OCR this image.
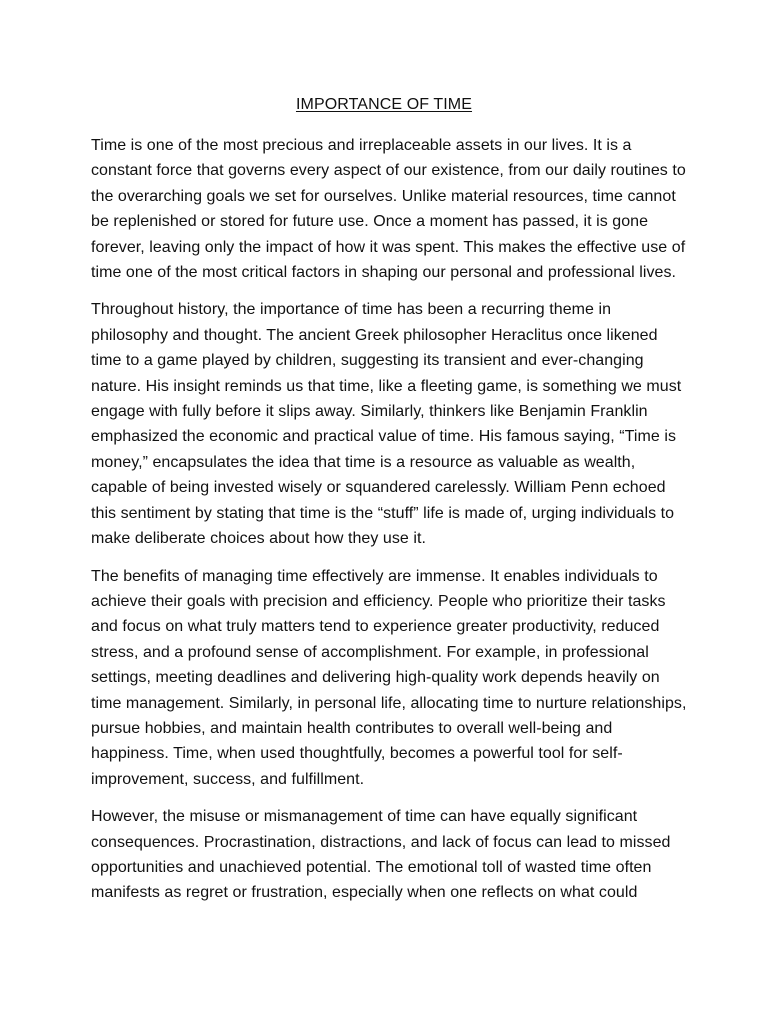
IMPORTANCE OF TIME

Time is one of the most precious and irreplaceable assets in our lives. It is a constant force that governs every aspect of our existence, from our daily routines to the overarching goals we set for ourselves. Unlike material resources, time cannot be replenished or stored for future use. Once a moment has passed, it is gone forever, leaving only the impact of how it was spent. This makes the effective use of time one of the most critical factors in shaping our personal and professional lives.

Throughout history, the importance of time has been a recurring theme in philosophy and thought. The ancient Greek philosopher Heraclitus once likened time to a game played by children, suggesting its transient and ever-changing nature. His insight reminds us that time, like a fleeting game, is something we must engage with fully before it slips away. Similarly, thinkers like Benjamin Franklin emphasized the economic and practical value of time. His famous saying, “Time is money,” encapsulates the idea that time is a resource as valuable as wealth, capable of being invested wisely or squandered carelessly. William Penn echoed this sentiment by stating that time is the “stuff” life is made of, urging individuals to make deliberate choices about how they use it.

The benefits of managing time effectively are immense. It enables individuals to achieve their goals with precision and efficiency. People who prioritize their tasks and focus on what truly matters tend to experience greater productivity, reduced stress, and a profound sense of accomplishment. For example, in professional settings, meeting deadlines and delivering high-quality work depends heavily on time management. Similarly, in personal life, allocating time to nurture relationships, pursue hobbies, and maintain health contributes to overall well-being and happiness. Time, when used thoughtfully, becomes a powerful tool for self-improvement, success, and fulfillment.

However, the misuse or mismanagement of time can have equally significant consequences. Procrastination, distractions, and lack of focus can lead to missed opportunities and unachieved potential. The emotional toll of wasted time often manifests as regret or frustration, especially when one reflects on what could
